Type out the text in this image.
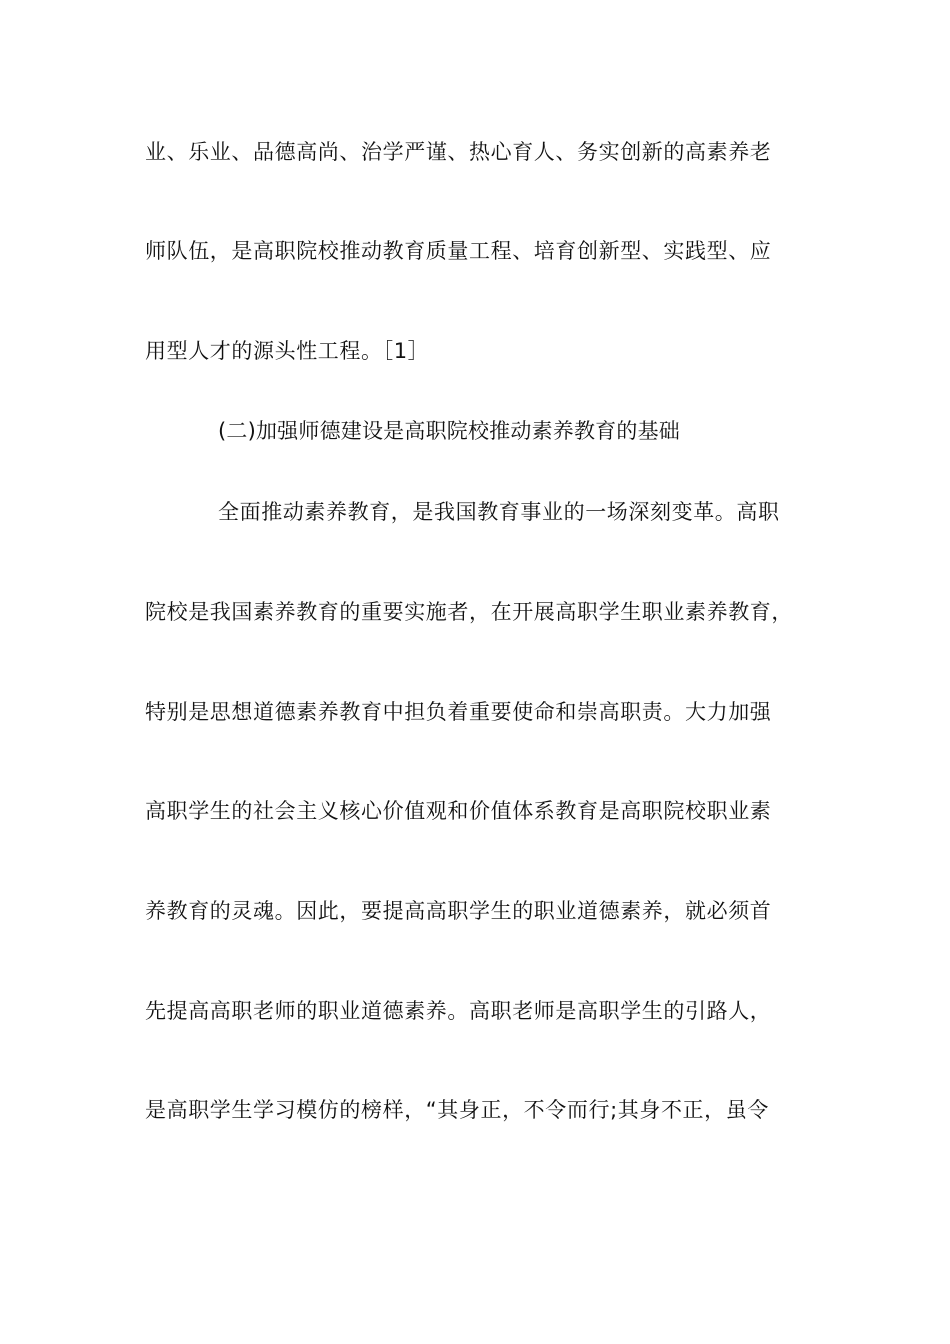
业、乐业、品德高尚、治学严谨、热心育人、务实创新的高素养老
师队伍，是高职院校推动教育质量工程、培育创新型、实践型、应
用型人才的源头性工程。［1］
(二)加强师德建设是高职院校推动素养教育的基础
全面推动素养教育，是我国教育事业的一场深刻变革。高职
院校是我国素养教育的重要实施者，在开展高职学生职业素养教育，
特别是思想道德素养教育中担负着重要使命和崇高职责。大力加强
高职学生的社会主义核心价值观和价值体系教育是高职院校职业素
养教育的灵魂。因此，要提高高职学生的职业道德素养，就必须首
先提高高职老师的职业道德素养。高职老师是高职学生的引路人，
是高职学生学习模仿的榜样，“其身正，不令而行;其身不正，虽令
